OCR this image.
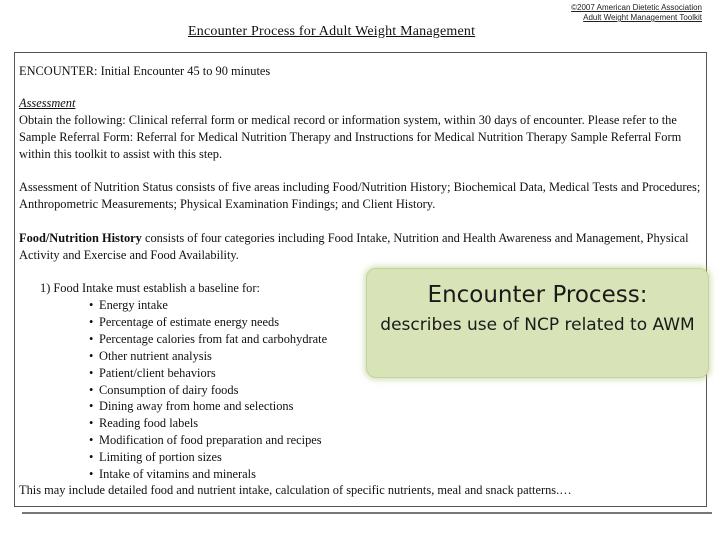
©2007 American Dietetic Association
Adult Weight Management Toolkit
Encounter Process for Adult Weight Management
ENCOUNTER: Initial Encounter 45 to 90 minutes
Assessment
Obtain the following: Clinical referral form or medical record or information system, within 30 days of encounter. Please refer to the Sample Referral Form: Referral for Medical Nutrition Therapy and Instructions for Medical Nutrition Therapy Sample Referral Form within this toolkit to assist with this step.
Assessment of Nutrition Status consists of five areas including Food/Nutrition History; Biochemical Data, Medical Tests and Procedures; Anthropometric Measurements; Physical Examination Findings; and Client History.
Food/Nutrition History consists of four categories including Food Intake, Nutrition and Health Awareness and Management, Physical Activity and Exercise and Food Availability.
1) Food Intake must establish a baseline for:
• Energy intake
• Percentage of estimate energy needs
• Percentage calories from fat and carbohydrate
• Other nutrient analysis
• Patient/client behaviors
• Consumption of dairy foods
• Dining away from home and selections
• Reading food labels
• Modification of food preparation and recipes
• Limiting of portion sizes
• Intake of vitamins and minerals
This may include detailed food and nutrient intake, calculation of specific nutrients, meal and snack patterns.…
Encounter Process:
describes use of NCP related to AWM
